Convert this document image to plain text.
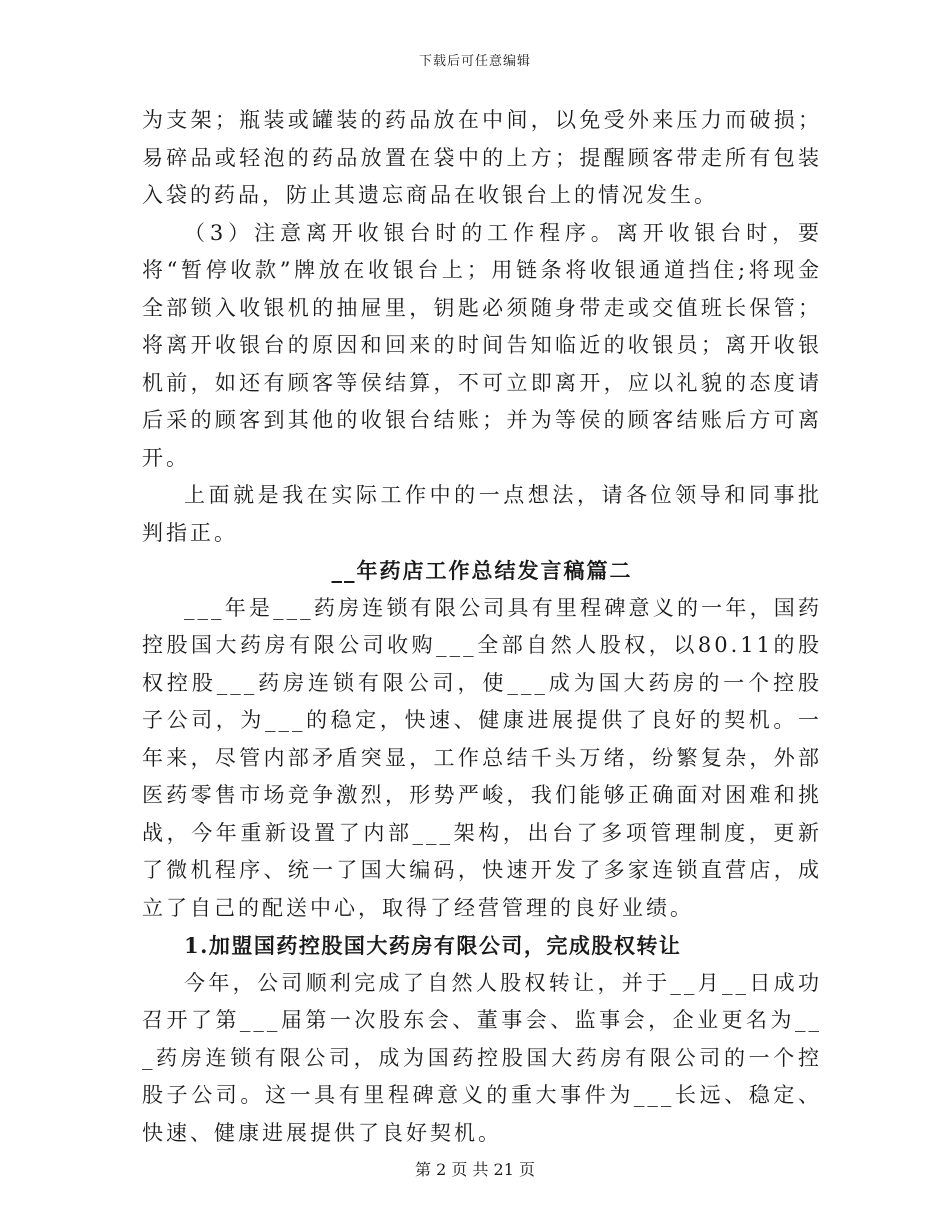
下载后可任意编辑

为支架；瓶装或罐装的药品放在中间，以免受外来压力而破损；易碎品或轻泡的药品放置在袋中的上方；提醒顾客带走所有包装入袋的药品，防止其遗忘商品在收银台上的情况发生。

（3）注意离开收银台时的工作程序。离开收银台时，要将“暂停收款”牌放在收银台上；用链条将收银通道挡住;将现金全部锁入收银机的抽屉里，钥匙必须随身带走或交值班长保管；将离开收银台的原因和回来的时间告知临近的收银员；离开收银机前，如还有顾客等侯结算，不可立即离开，应以礼貌的态度请后采的顾客到其他的收银台结账；并为等侯的顾客结账后方可离开。

上面就是我在实际工作中的一点想法，请各位领导和同事批判指正。

__年药店工作总结发言稿篇二

___年是___药房连锁有限公司具有里程碑意义的一年，国药控股国大药房有限公司收购___全部自然人股权，以80.11的股权控股___药房连锁有限公司，使___成为国大药房的一个控股子公司，为___的稳定，快速、健康进展提供了良好的契机。一年来，尽管内部矛盾突显，工作总结千头万绪，纷繁复杂，外部医药零售市场竞争激烈，形势严峻，我们能够正确面对困难和挑战，今年重新设置了内部___架构，出台了多项管理制度，更新了微机程序、统一了国大编码，快速开发了多家连锁直营店，成立了自己的配送中心，取得了经营管理的良好业绩。

1.加盟国药控股国大药房有限公司，完成股权转让

今年，公司顺利完成了自然人股权转让，并于__月__日成功召开了第___届第一次股东会、董事会、监事会，企业更名为___药房连锁有限公司，成为国药控股国大药房有限公司的一个控股子公司。这一具有里程碑意义的重大事件为___长远、稳定、快速、健康进展提供了良好契机。

第 2 页 共 21 页
